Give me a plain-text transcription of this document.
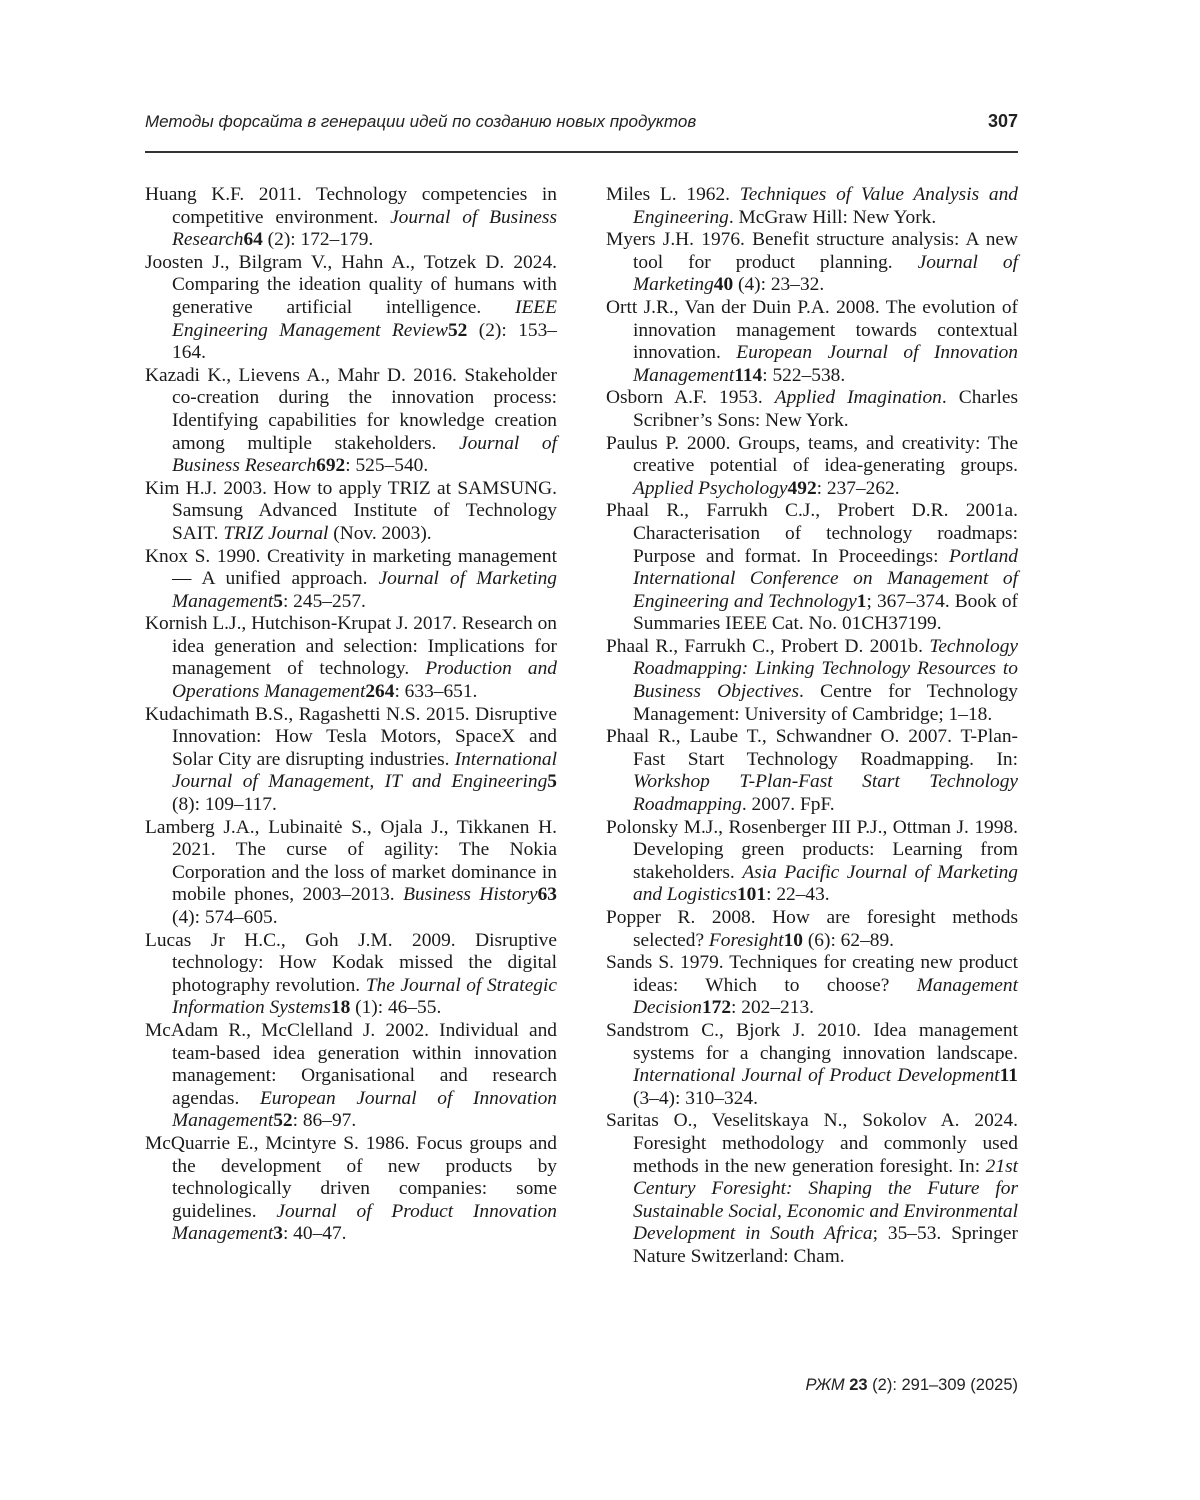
Методы форсайта в генерации идей по созданию новых продуктов	307

Huang K.F. 2011. Technology competencies in competitive environment. Journal of Business Research64 (2): 172–179.

Joosten J., Bilgram V., Hahn A., Totzek D. 2024. Comparing the ideation quality of humans with generative artificial intelligence. IEEE Engineering Management Review52 (2): 153–164.

Kazadi K., Lievens A., Mahr D. 2016. Stakeholder co-creation during the innovation process: Identifying capabilities for knowledge creation among multiple stakeholders. Journal of Business Research692: 525–540.

Kim H.J. 2003. How to apply TRIZ at SAMSUNG. Samsung Advanced Institute of Technology SAIT. TRIZ Journal (Nov. 2003).

Knox S. 1990. Creativity in marketing management — A unified approach. Journal of Marketing Management5: 245–257.

Kornish L.J., Hutchison-Krupat J. 2017. Research on idea generation and selection: Implications for management of technology. Production and Operations Management264: 633–651.

Kudachimath B.S., Ragashetti N.S. 2015. Disruptive Innovation: How Tesla Motors, SpaceX and Solar City are disrupting industries. International Journal of Management, IT and Engineering5 (8): 109–117.

Lamberg J.A., Lubinaitė S., Ojala J., Tikkanen H. 2021. The curse of agility: The Nokia Corporation and the loss of market dominance in mobile phones, 2003–2013. Business History63 (4): 574–605.

Lucas Jr H.C., Goh J.M. 2009. Disruptive technology: How Kodak missed the digital photography revolution. The Journal of Strategic Information Systems18 (1): 46–55.

McAdam R., McClelland J. 2002. Individual and team-based idea generation within innovation management: Organisational and research agendas. European Journal of Innovation Management52: 86–97.

McQuarrie E., Mcintyre S. 1986. Focus groups and the development of new products by technologically driven companies: some guidelines. Journal of Product Innovation Management3: 40–47.

Miles L. 1962. Techniques of Value Analysis and Engineering. McGraw Hill: New York.

Myers J.H. 1976. Benefit structure analysis: A new tool for product planning. Journal of Marketing40 (4): 23–32.

Ortt J.R., Van der Duin P.A. 2008. The evolution of innovation management towards contextual innovation. European Journal of Innovation Management114: 522–538.

Osborn A.F. 1953. Applied Imagination. Charles Scribner’s Sons: New York.

Paulus P. 2000. Groups, teams, and creativity: The creative potential of idea-generating groups. Applied Psychology492: 237–262.

Phaal R., Farrukh C.J., Probert D.R. 2001a. Characterisation of technology roadmaps: Purpose and format. In Proceedings: Portland International Conference on Management of Engineering and Technology1; 367–374. Book of Summaries IEEE Cat. No. 01CH37199.

Phaal R., Farrukh C., Probert D. 2001b. Technology Roadmapping: Linking Technology Resources to Business Objectives. Centre for Technology Management: University of Cambridge; 1–18.

Phaal R., Laube T., Schwandner O. 2007. T-Plan-Fast Start Technology Roadmapping. In: Workshop T-Plan-Fast Start Technology Roadmapping. 2007. FpF.

Polonsky M.J., Rosenberger III P.J., Ottman J. 1998. Developing green products: Learning from stakeholders. Asia Pacific Journal of Marketing and Logistics101: 22–43.

Popper R. 2008. How are foresight methods selected? Foresight10 (6): 62–89.

Sands S. 1979. Techniques for creating new product ideas: Which to choose? Management Decision172: 202–213.

Sandstrom C., Bjork J. 2010. Idea management systems for a changing innovation landscape. International Journal of Product Development11 (3–4): 310–324.

Saritas O., Veselitskaya N., Sokolov A. 2024. Foresight methodology and commonly used methods in the new generation foresight. In: 21st Century Foresight: Shaping the Future for Sustainable Social, Economic and Environmental Development in South Africa; 35–53. Springer Nature Switzerland: Cham.

РЖМ 23 (2): 291–309 (2025)
